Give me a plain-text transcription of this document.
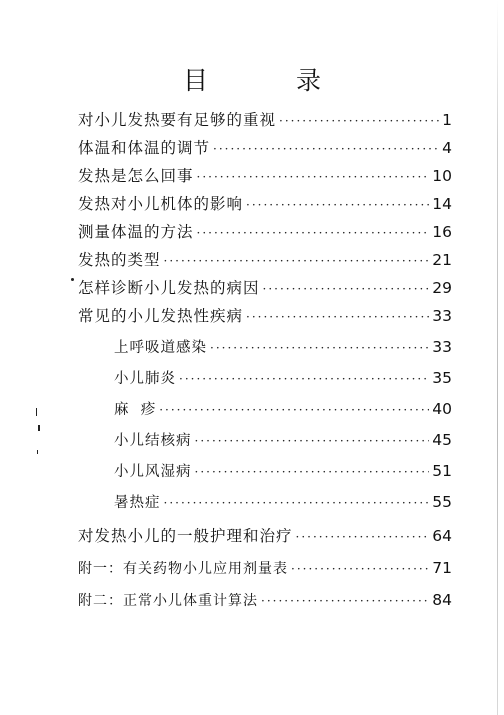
目 录
对小儿发热要有足够的重视 ·····	1
体温和体温的调节 ·····	4
发热是怎么回事 ·····	10
发热对小儿机体的影响 ·····	14
测量体温的方法 ·····	16
发热的类型 ·····	21
怎样诊断小儿发热的病因 ·····	29
常见的小儿发热性疾病 ·····	33
上呼吸道感染 ·····	33
小儿肺炎 ·····	35
麻  疹 ·····	40
小儿结核病 ·····	45
小儿风湿病 ·····	51
暑热症 ·····	55
对发热小儿的一般护理和治疗 ·····	64
附一：有关药物小儿应用剂量表 ·····	71
附二：正常小儿体重计算法 ·····	84
